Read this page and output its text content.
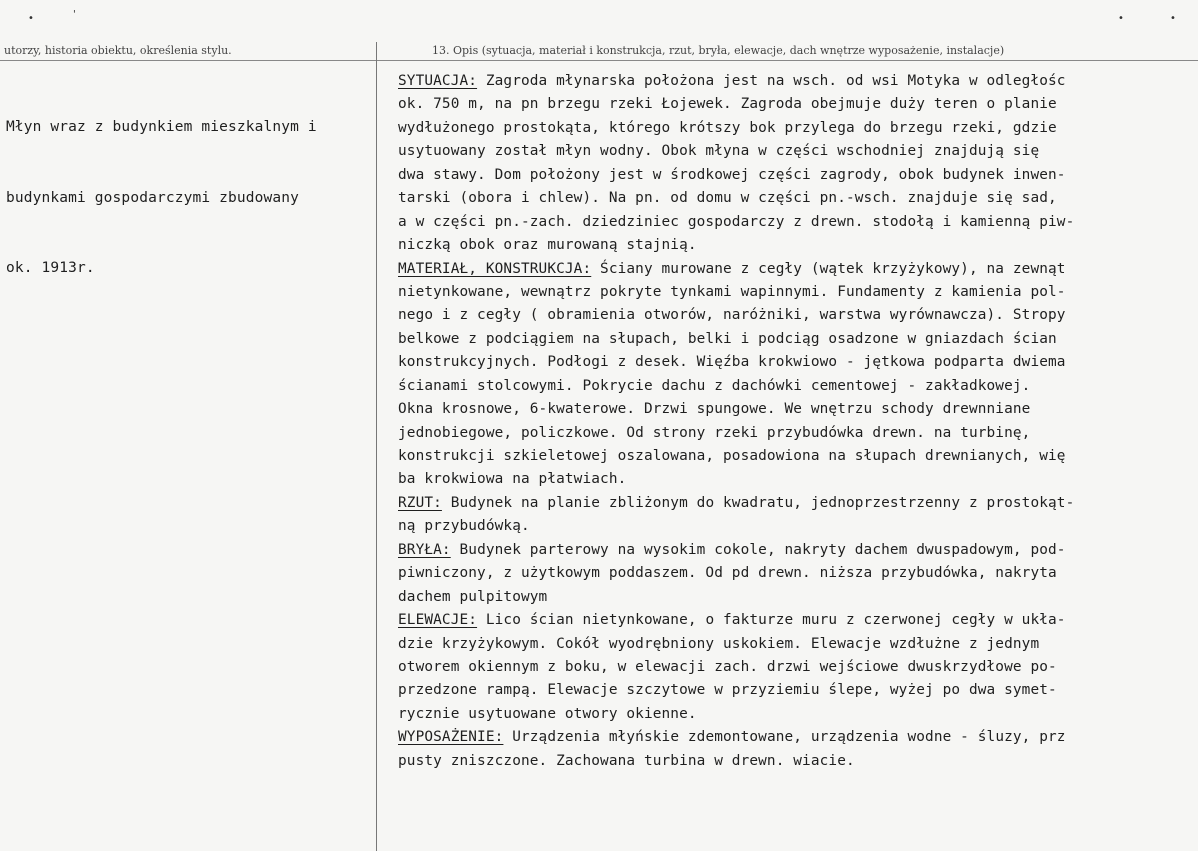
•	'	•	•
utorzy, historia obiektu, określenia stylu.	13. Opis (sytuacja, materiał i konstrukcja, rzut, bryła, elewacje, dach wnętrze wyposażenie, instalacje)

Młyn wraz z budynkiem mieszkalnym i

budynkami gospodarczymi zbudowany

ok. 1913r.

SYTUACJA: Zagroda młynarska położona jest na wsch. od wsi Motyka w odległośc
ok. 750 m, na pn brzegu rzeki Łojewek. Zagroda obejmuje duży teren o planie
wydłużonego prostokąta, którego krótszy bok przylega do brzegu rzeki, gdzie
usytuowany został młyn wodny. Obok młyna w części wschodniej znajdują się
dwa stawy. Dom położony jest w środkowej części zagrody, obok budynek inwen-
tarski (obora i chlew). Na pn. od domu w części pn.-wsch. znajduje się sad,
a w części pn.-zach. dziedziniec gospodarczy z drewn. stodołą i kamienną piw-
niczką obok oraz murowaną stajnią.
MATERIAŁ, KONSTRUKCJA: Ściany murowane z cegły (wątek krzyżykowy), na zewnąt
nietynkowane, wewnątrz pokryte tynkami wapinnymi. Fundamenty z kamienia pol-
nego i z cegły ( obramienia otworów, naróżniki, warstwa wyrównawcza). Stropy
belkowe z podciągiem na słupach, belki i podciąg osadzone w gniazdach ścian
konstrukcyjnych. Podłogi z desek. Więźba krokwiowo - jętkowa podparta dwiema
ścianami stolcowymi. Pokrycie dachu z dachówki cementowej - zakładkowej.
Okna krosnowe, 6-kwaterowe. Drzwi spungowe. We wnętrzu schody drewnniane
jednobiegowe, policzkowe. Od strony rzeki przybudówka drewn. na turbinę,
konstrukcji szkieletowej oszalowana, posadowiona na słupach drewnianych, wię
ba krokwiowa na płatwiach.
RZUT: Budynek na planie zbliżonym do kwadratu, jednoprzestrzenny z prostokąt-
ną przybudówką.
BRYŁA: Budynek parterowy na wysokim cokole, nakryty dachem dwuspadowym, pod-
piwniczony, z użytkowym poddaszem. Od pd drewn. niższa przybudówka, nakryta
dachem pulpitowym
ELEWACJE: Lico ścian nietynkowane, o fakturze muru z czerwonej cegły w ukła-
dzie krzyżykowym. Cokół wyodrębniony uskokiem. Elewacje wzdłużne z jednym
otworem okiennym z boku, w elewacji zach. drzwi wejściowe dwuskrzydłowe po-
przedzone rampą. Elewacje szczytowe w przyziemiu ślepe, wyżej po dwa symet-
rycznie usytuowane otwory okienne.
WYPOSAŻENIE: Urządzenia młyńskie zdemontowane, urządzenia wodne - śluzy, prz
pusty zniszczone. Zachowana turbina w drewn. wiacie.
